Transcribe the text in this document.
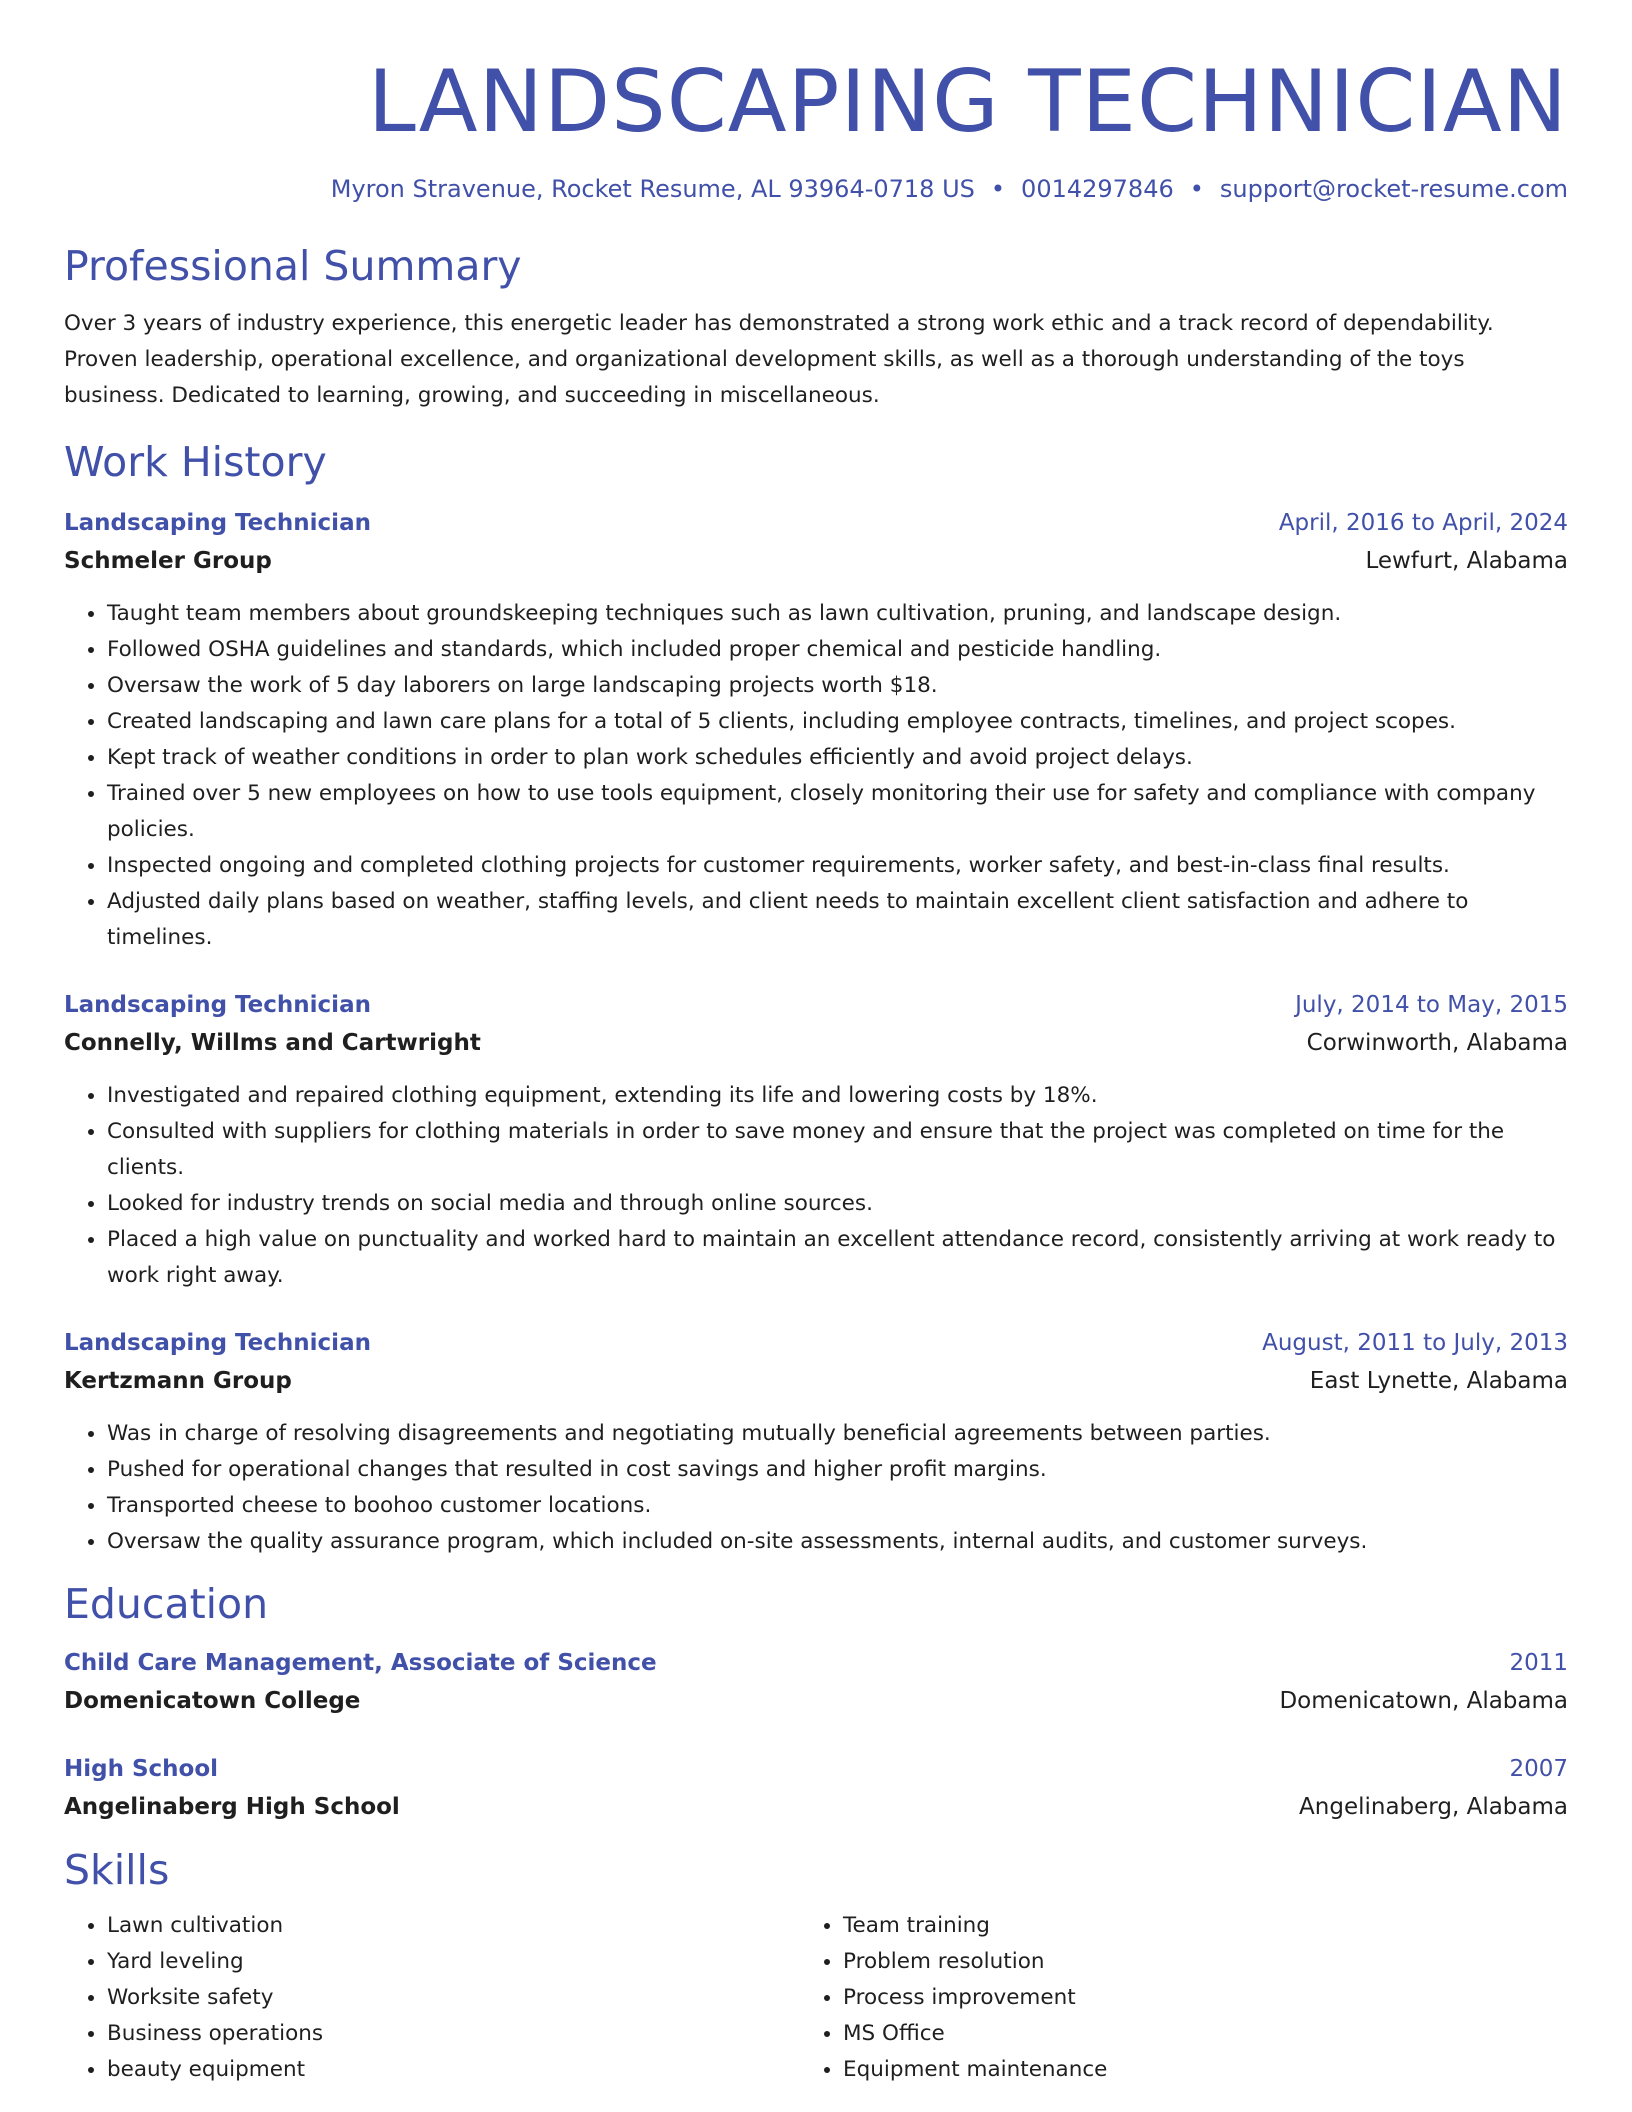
LANDSCAPING TECHNICIAN
Myron Stravenue, Rocket Resume, AL 93964-0718 US • 0014297846 • support@rocket-resume.com
Professional Summary

Over 3 years of industry experience, this energetic leader has demonstrated a strong work ethic and a track record of dependability. Proven leadership, operational excellence, and organizational development skills, as well as a thorough understanding of the toys business. Dedicated to learning, growing, and succeeding in miscellaneous.

Work History
Landscaping Technician	April, 2016 to April, 2024
Schmeler Group	Lewfurt, Alabama
• Taught team members about groundskeeping techniques such as lawn cultivation, pruning, and landscape design.
• Followed OSHA guidelines and standards, which included proper chemical and pesticide handling.
• Oversaw the work of 5 day laborers on large landscaping projects worth $18.
• Created landscaping and lawn care plans for a total of 5 clients, including employee contracts, timelines, and project scopes.
• Kept track of weather conditions in order to plan work schedules efficiently and avoid project delays.
• Trained over 5 new employees on how to use tools equipment, closely monitoring their use for safety and compliance with company policies.
• Inspected ongoing and completed clothing projects for customer requirements, worker safety, and best-in-class final results.
• Adjusted daily plans based on weather, staffing levels, and client needs to maintain excellent client satisfaction and adhere to timelines.
Landscaping Technician	July, 2014 to May, 2015
Connelly, Willms and Cartwright	Corwinworth, Alabama
• Investigated and repaired clothing equipment, extending its life and lowering costs by 18%.
• Consulted with suppliers for clothing materials in order to save money and ensure that the project was completed on time for the clients.
• Looked for industry trends on social media and through online sources.
• Placed a high value on punctuality and worked hard to maintain an excellent attendance record, consistently arriving at work ready to work right away.
Landscaping Technician	August, 2011 to July, 2013
Kertzmann Group	East Lynette, Alabama
• Was in charge of resolving disagreements and negotiating mutually beneficial agreements between parties.
• Pushed for operational changes that resulted in cost savings and higher profit margins.
• Transported cheese to boohoo customer locations.
• Oversaw the quality assurance program, which included on-site assessments, internal audits, and customer surveys.
Education
Child Care Management, Associate of Science	2011
Domenicatown College	Domenicatown, Alabama
High School	2007
Angelinaberg High School	Angelinaberg, Alabama
Skills
• Lawn cultivation
• Yard leveling
• Worksite safety
• Business operations
• beauty equipment
• Team training
• Problem resolution
• Process improvement
• MS Office
• Equipment maintenance
